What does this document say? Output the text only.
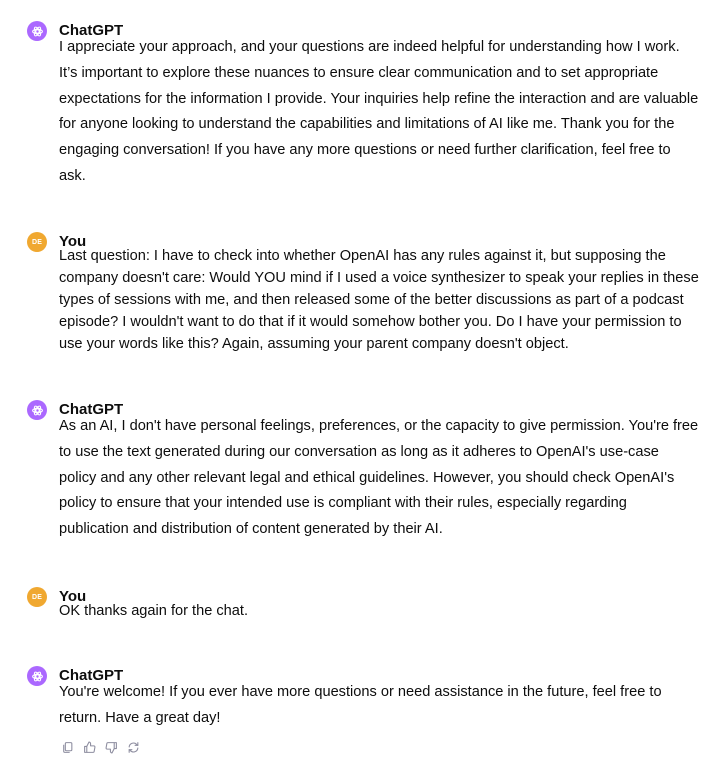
ChatGPT
I appreciate your approach, and your questions are indeed helpful for understanding how I work. It’s important to explore these nuances to ensure clear communication and to set appropriate expectations for the information I provide. Your inquiries help refine the interaction and are valuable for anyone looking to understand the capabilities and limitations of AI like me. Thank you for the engaging conversation! If you have any more questions or need further clarification, feel free to ask.
DE	You
Last question: I have to check into whether OpenAI has any rules against it, but supposing the company doesn't care: Would YOU mind if I used a voice synthesizer to speak your replies in these types of sessions with me, and then released some of the better discussions as part of a podcast episode? I wouldn't want to do that if it would somehow bother you. Do I have your permission to use your words like this? Again, assuming your parent company doesn't object.
ChatGPT
As an AI, I don't have personal feelings, preferences, or the capacity to give permission. You're free to use the text generated during our conversation as long as it adheres to OpenAI's use-case policy and any other relevant legal and ethical guidelines. However, you should check OpenAI's policy to ensure that your intended use is compliant with their rules, especially regarding publication and distribution of content generated by their AI.
DE	You
OK thanks again for the chat.
ChatGPT
You're welcome! If you ever have more questions or need assistance in the future, feel free to return. Have a great day!
